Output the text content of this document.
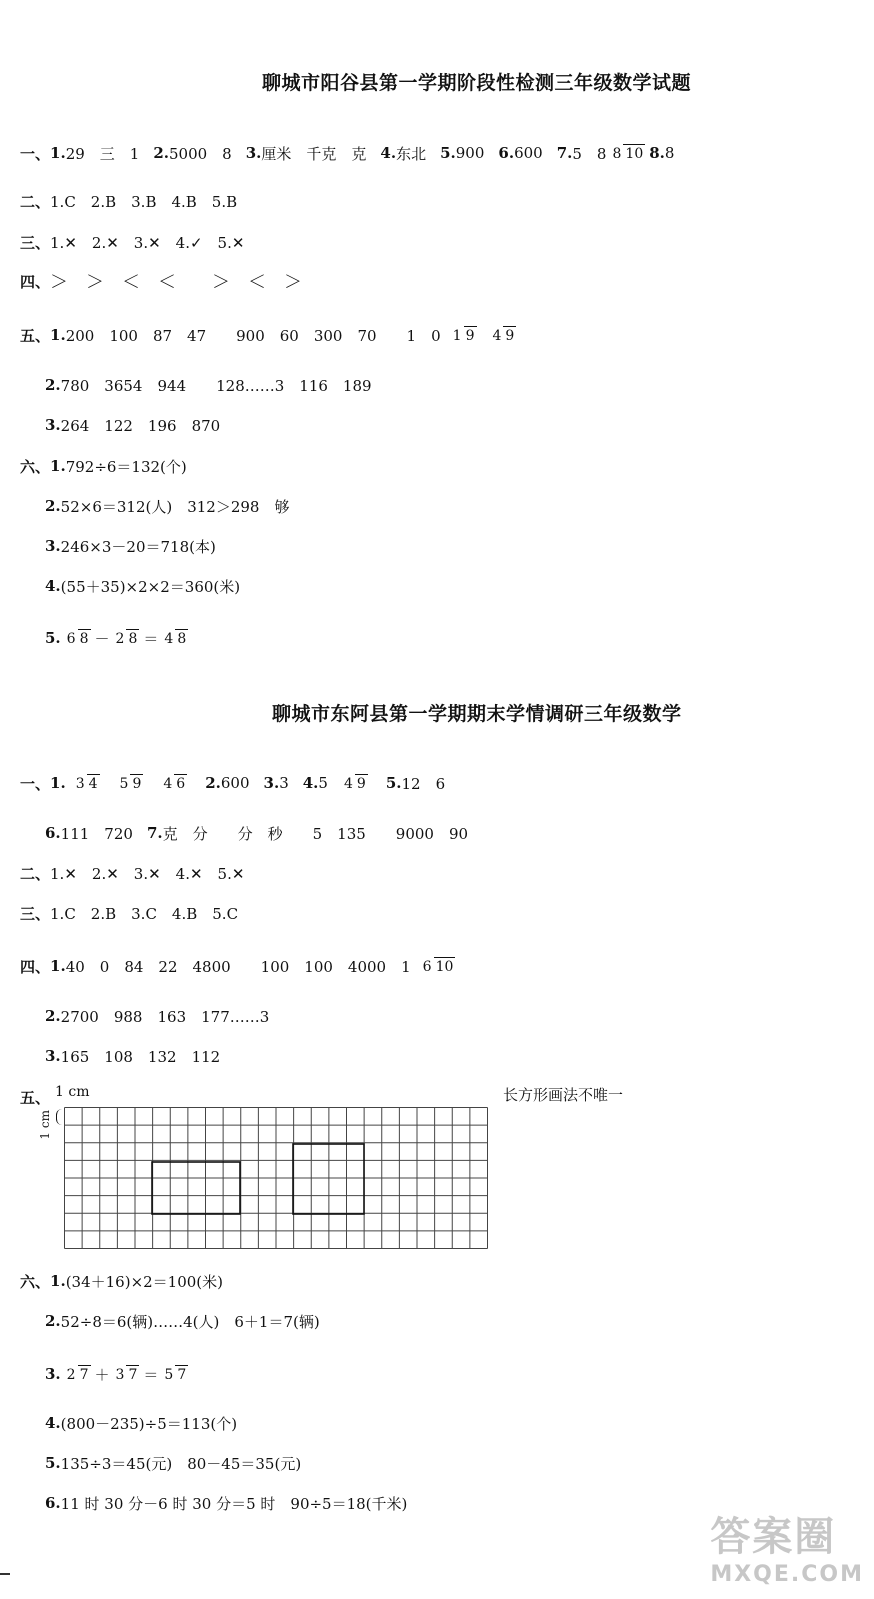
聊城市阳谷县第一学期阶段性检测三年级数学试题
一、 1. 29　三　1 2. 5000　8 3. 厘米　千克　克 4. 东北 5. 900 6. 600 7. 5　8 8 10 8. 8
二、 1.C　2.B　3.B　4.B　5.B
三、 1.✕　2.✕　3.✕　4.✓　5.✕
四、 ＞　＞　＜　＜　　＞　＜　＞
五、 1. 200　100　87　47　　900　60　300　70　　1　0 1 9 4 9
2. 780　3654　944　　128……3　116　189
3. 264　122　196　870
六、 1. 792÷6＝132(个)
2. 52×6＝312(人)　312＞298　够
3. 246×3－20＝718(本)
4. (55＋35)×2×2＝360(米)
5. 6 8 － 2 8 ＝ 4 8
聊城市东阿县第一学期期末学情调研三年级数学
一、 1. 3 4 5 9 4 6 2. 600 3. 3 4. 5 4 9 5. 12　6
6. 111　720 7. 克　分　　分　秒　　5　135　　9000　90
二、 1.✕　2.✕　3.✕　4.✕　5.✕
三、 1.C　2.B　3.C　4.B　5.C
四、 1. 40　0　84　22　4800　　100　100　4000　1 6 10
2. 2700　988　163　177……3
3. 165　108　132　112
五、 1 cm
1 cm
长方形画法不唯一
六、 1. (34＋16)×2＝100(米)
2. 52÷8＝6(辆)……4(人)　6＋1＝7(辆)
3. 2 7 ＋ 3 7 ＝ 5 7
4. (800－235)÷5＝113(个)
5. 135÷3＝45(元)　80－45＝35(元)
6. 11 时 30 分－6 时 30 分＝5 时　90÷5＝18(千米)
答案圈
MXQE.COM
